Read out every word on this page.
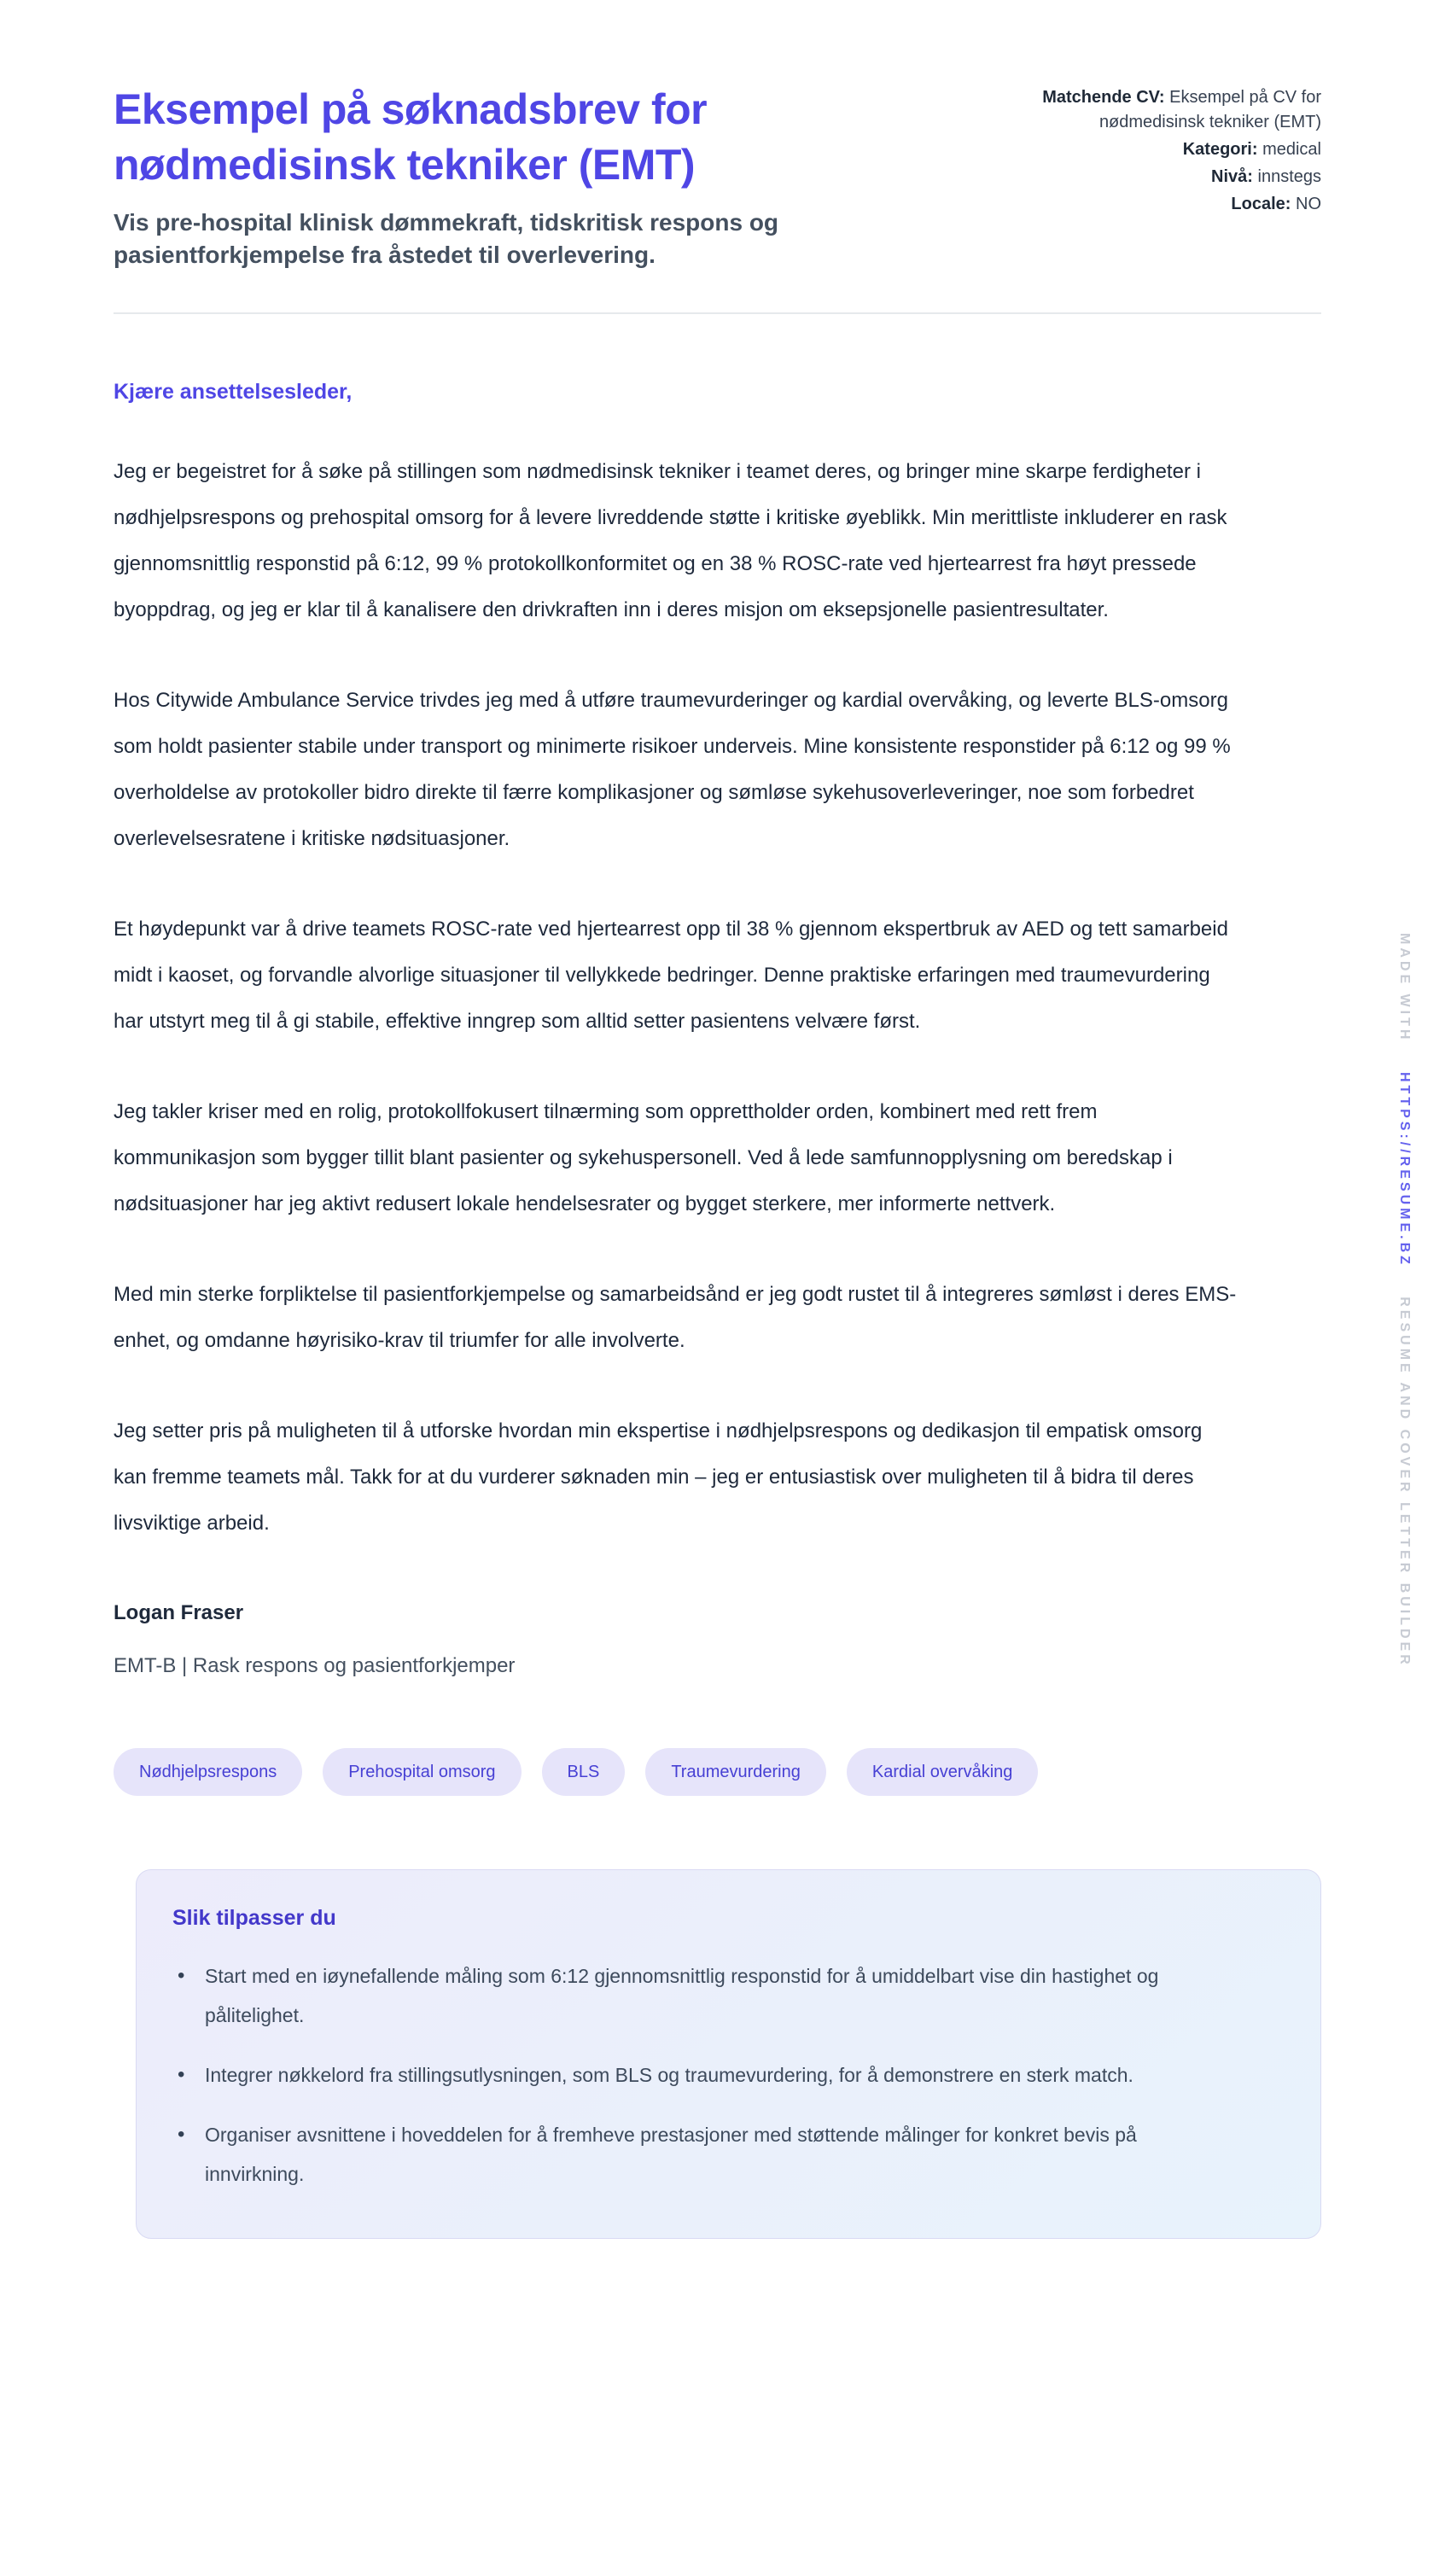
Eksempel på søknadsbrev for nødmedisinsk tekniker (EMT)

Vis pre-hospital klinisk dømmekraft, tidskritisk respons og pasientforkjempelse fra åstedet til overlevering.

Matchende CV: Eksempel på CV for nødmedisinsk tekniker (EMT)
Kategori: medical
Nivå: innstegs
Locale: NO

Kjære ansettelsesleder,

Jeg er begeistret for å søke på stillingen som nødmedisinsk tekniker i teamet deres, og bringer mine skarpe ferdigheter i nødhjelpsrespons og prehospital omsorg for å levere livreddende støtte i kritiske øyeblikk. Min merittliste inkluderer en rask gjennomsnittlig responstid på 6:12, 99 % protokollkonformitet og en 38 % ROSC-rate ved hjertearrest fra høyt pressede byoppdrag, og jeg er klar til å kanalisere den drivkraften inn i deres misjon om eksepsjonelle pasientresultater.

Hos Citywide Ambulance Service trivdes jeg med å utføre traumevurderinger og kardial overvåking, og leverte BLS-omsorg som holdt pasienter stabile under transport og minimerte risikoer underveis. Mine konsistente responstider på 6:12 og 99 % overholdelse av protokoller bidro direkte til færre komplikasjoner og sømløse sykehusoverleveringer, noe som forbedret overlevelsesratene i kritiske nødsituasjoner.

Et høydepunkt var å drive teamets ROSC-rate ved hjertearrest opp til 38 % gjennom ekspertbruk av AED og tett samarbeid midt i kaoset, og forvandle alvorlige situasjoner til vellykkede bedringer. Denne praktiske erfaringen med traumevurdering har utstyrt meg til å gi stabile, effektive inngrep som alltid setter pasientens velvære først.

Jeg takler kriser med en rolig, protokollfokusert tilnærming som opprettholder orden, kombinert med rett frem kommunikasjon som bygger tillit blant pasienter og sykehuspersonell. Ved å lede samfunnopplysning om beredskap i nødsituasjoner har jeg aktivt redusert lokale hendelsesrater og bygget sterkere, mer informerte nettverk.

Med min sterke forpliktelse til pasientforkjempelse og samarbeidsånd er jeg godt rustet til å integreres sømløst i deres EMS-enhet, og omdanne høyrisiko-krav til triumfer for alle involverte.

Jeg setter pris på muligheten til å utforske hvordan min ekspertise i nødhjelpsrespons og dedikasjon til empatisk omsorg kan fremme teamets mål. Takk for at du vurderer søknaden min – jeg er entusiastisk over muligheten til å bidra til deres livsviktige arbeid.

Logan Fraser

EMT-B | Rask respons og pasientforkjemper

Nødhjelpsrespons	Prehospital omsorg	BLS	Traumevurdering	Kardial overvåking
Slik tilpasser du
• Start med en iøynefallende måling som 6:12 gjennomsnittlig responstid for å umiddelbart vise din hastighet og pålitelighet.
• Integrer nøkkelord fra stillingsutlysningen, som BLS og traumevurdering, for å demonstrere en sterk match.
• Organiser avsnittene i hoveddelen for å fremheve prestasjoner med støttende målinger for konkret bevis på innvirkning.
MADE WITH HTTPS://RESUME.BZ RESUME AND COVER LETTER BUILDER
